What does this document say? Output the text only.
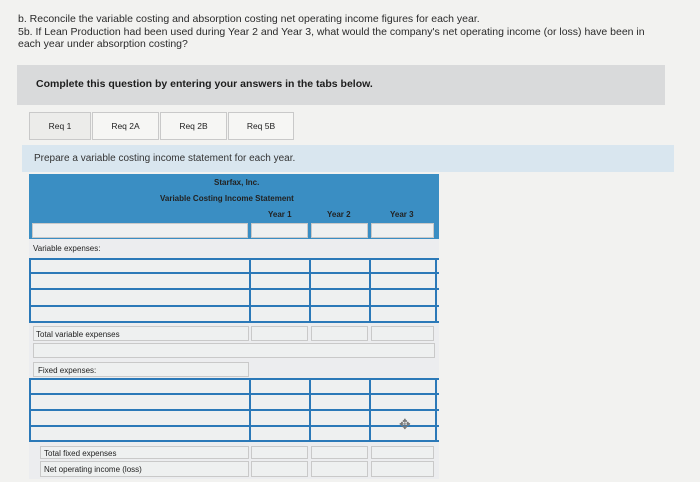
b. Reconcile the variable costing and absorption costing net operating income figures for each year.

5b. If Lean Production had been used during Year 2 and Year 3, what would the company's net operating income (or loss) have been in

each year under absorption costing?

Complete this question by entering your answers in the tabs below.
Req 1	Req 2A	Req 2B	Req 5B
Prepare a variable costing income statement for each year.
Starfax, Inc.
Variable Costing Income Statement
Year 1	Year 2	Year 3
Variable expenses:
Total variable expenses
Fixed expenses:
✥
Total fixed expenses
Net operating income (loss)
